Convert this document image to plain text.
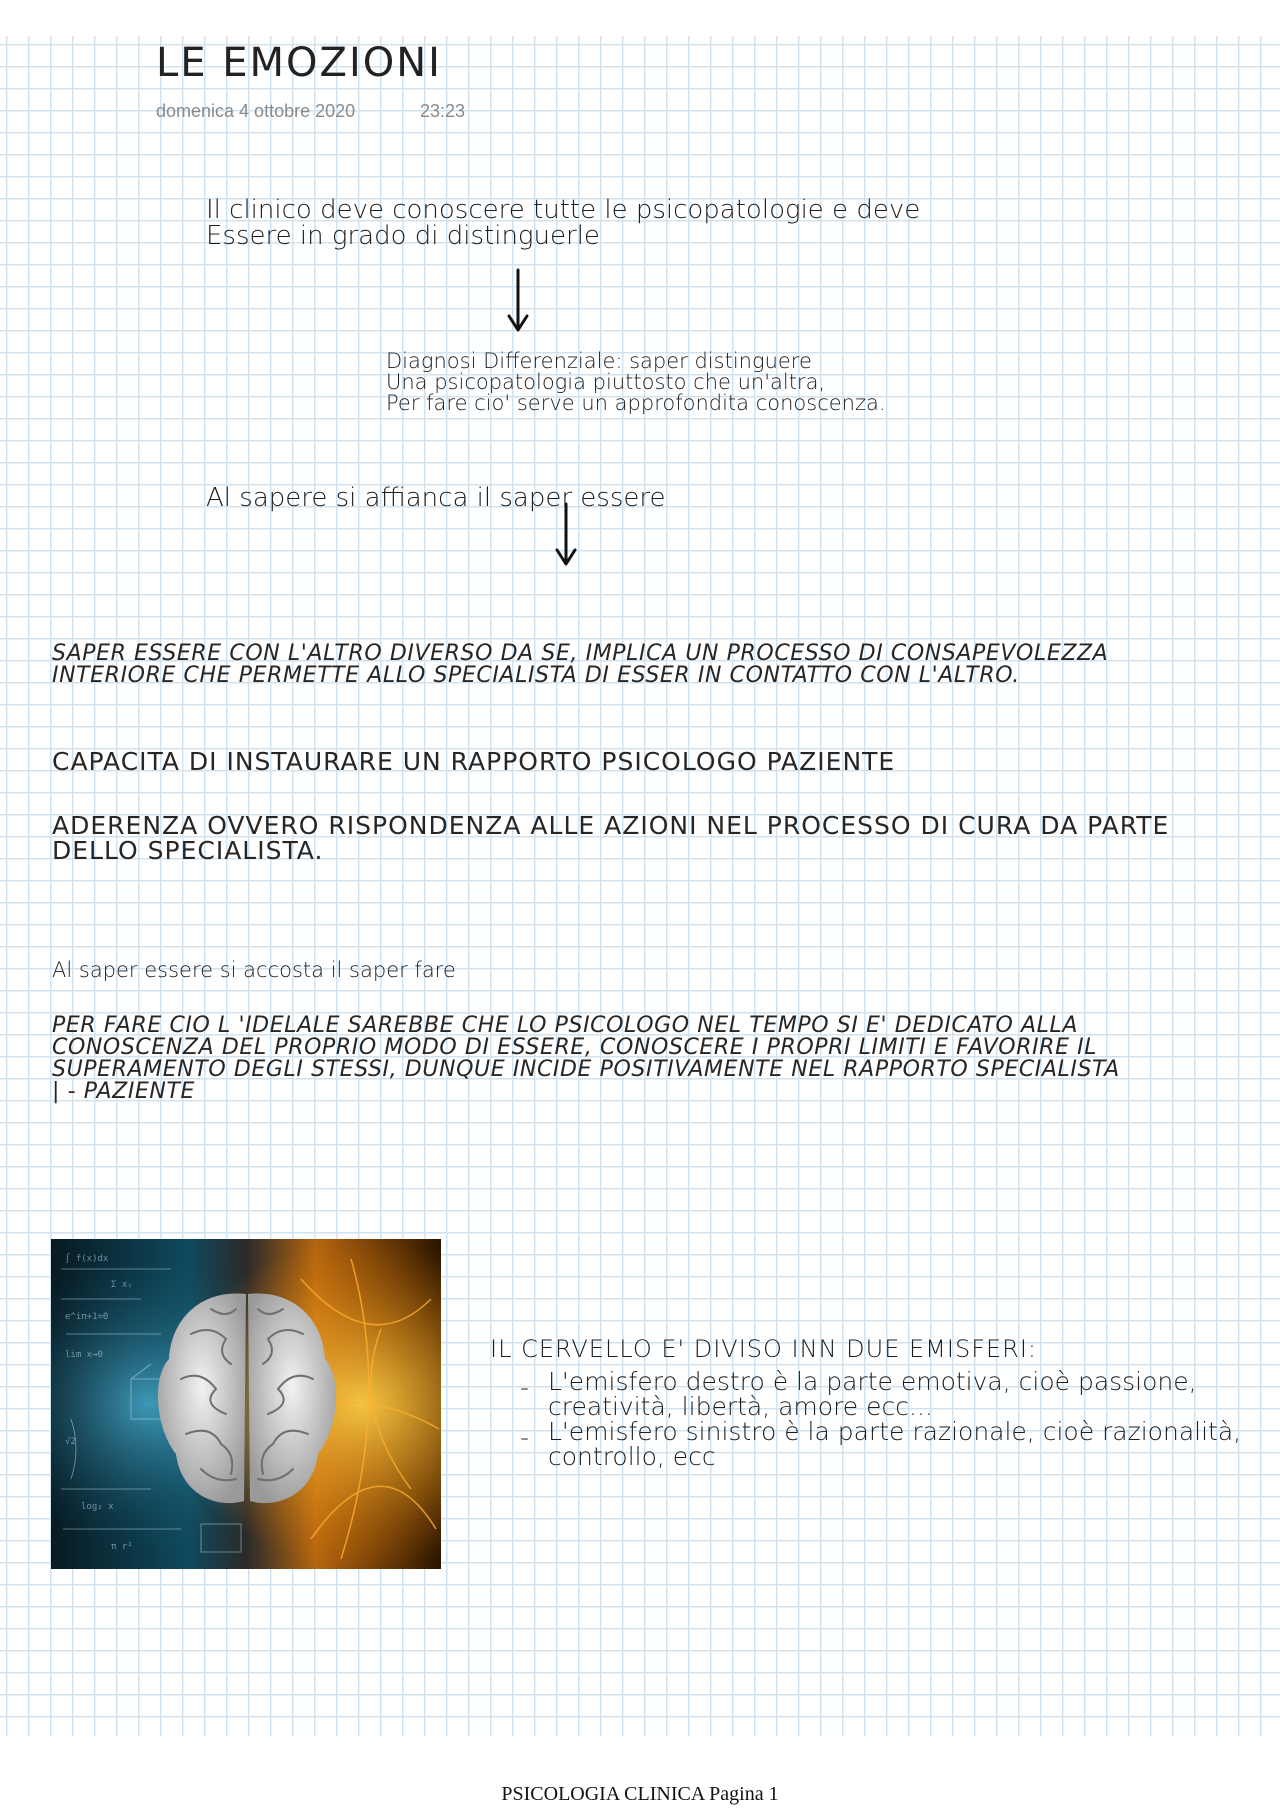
LE EMOZIONI
domenica 4 ottobre 2020	23:23
Il clinico deve conoscere tutte le psicopatologie e deve
Essere in grado di distinguerle
Diagnosi Differenziale: saper distinguere
Una psicopatologia piuttosto che un'altra,
Per fare cio' serve un approfondita conoscenza.
Al sapere si affianca il saper essere
SAPER ESSERE CON L'ALTRO DIVERSO DA SE, IMPLICA UN PROCESSO DI CONSAPEVOLEZZA
INTERIORE CHE PERMETTE ALLO SPECIALISTA DI ESSER IN CONTATTO CON L'ALTRO.
CAPACITA DI INSTAURARE UN RAPPORTO PSICOLOGO PAZIENTE
ADERENZA OVVERO RISPONDENZA ALLE AZIONI NEL PROCESSO DI CURA DA PARTE
DELLO SPECIALISTA.
Al saper essere si accosta il saper fare
PER FARE CIO L 'IDELALE SAREBBE CHE LO PSICOLOGO NEL TEMPO SI E' DEDICATO ALLA
CONOSCENZA DEL PROPRIO MODO DI ESSERE, CONOSCERE I PROPRI LIMITI E FAVORIRE IL
SUPERAMENTO DEGLI STESSI, DUNQUE INCIDE POSITIVAMENTE NEL RAPPORTO SPECIALISTA
| - PAZIENTE
∫ f(x)dx
Σ xᵢ
e^iπ+1=0
lim x→0
√2
log₂ x
π r²
IL CERVELLO E' DIVISO INN DUE EMISFERI:
- L'emisfero destro è la parte emotiva, cioè passione,
creatività, libertà, amore ecc...
- L'emisfero sinistro è la parte razionale, cioè razionalità,
controllo, ecc
PSICOLOGIA CLINICA Pagina 1
